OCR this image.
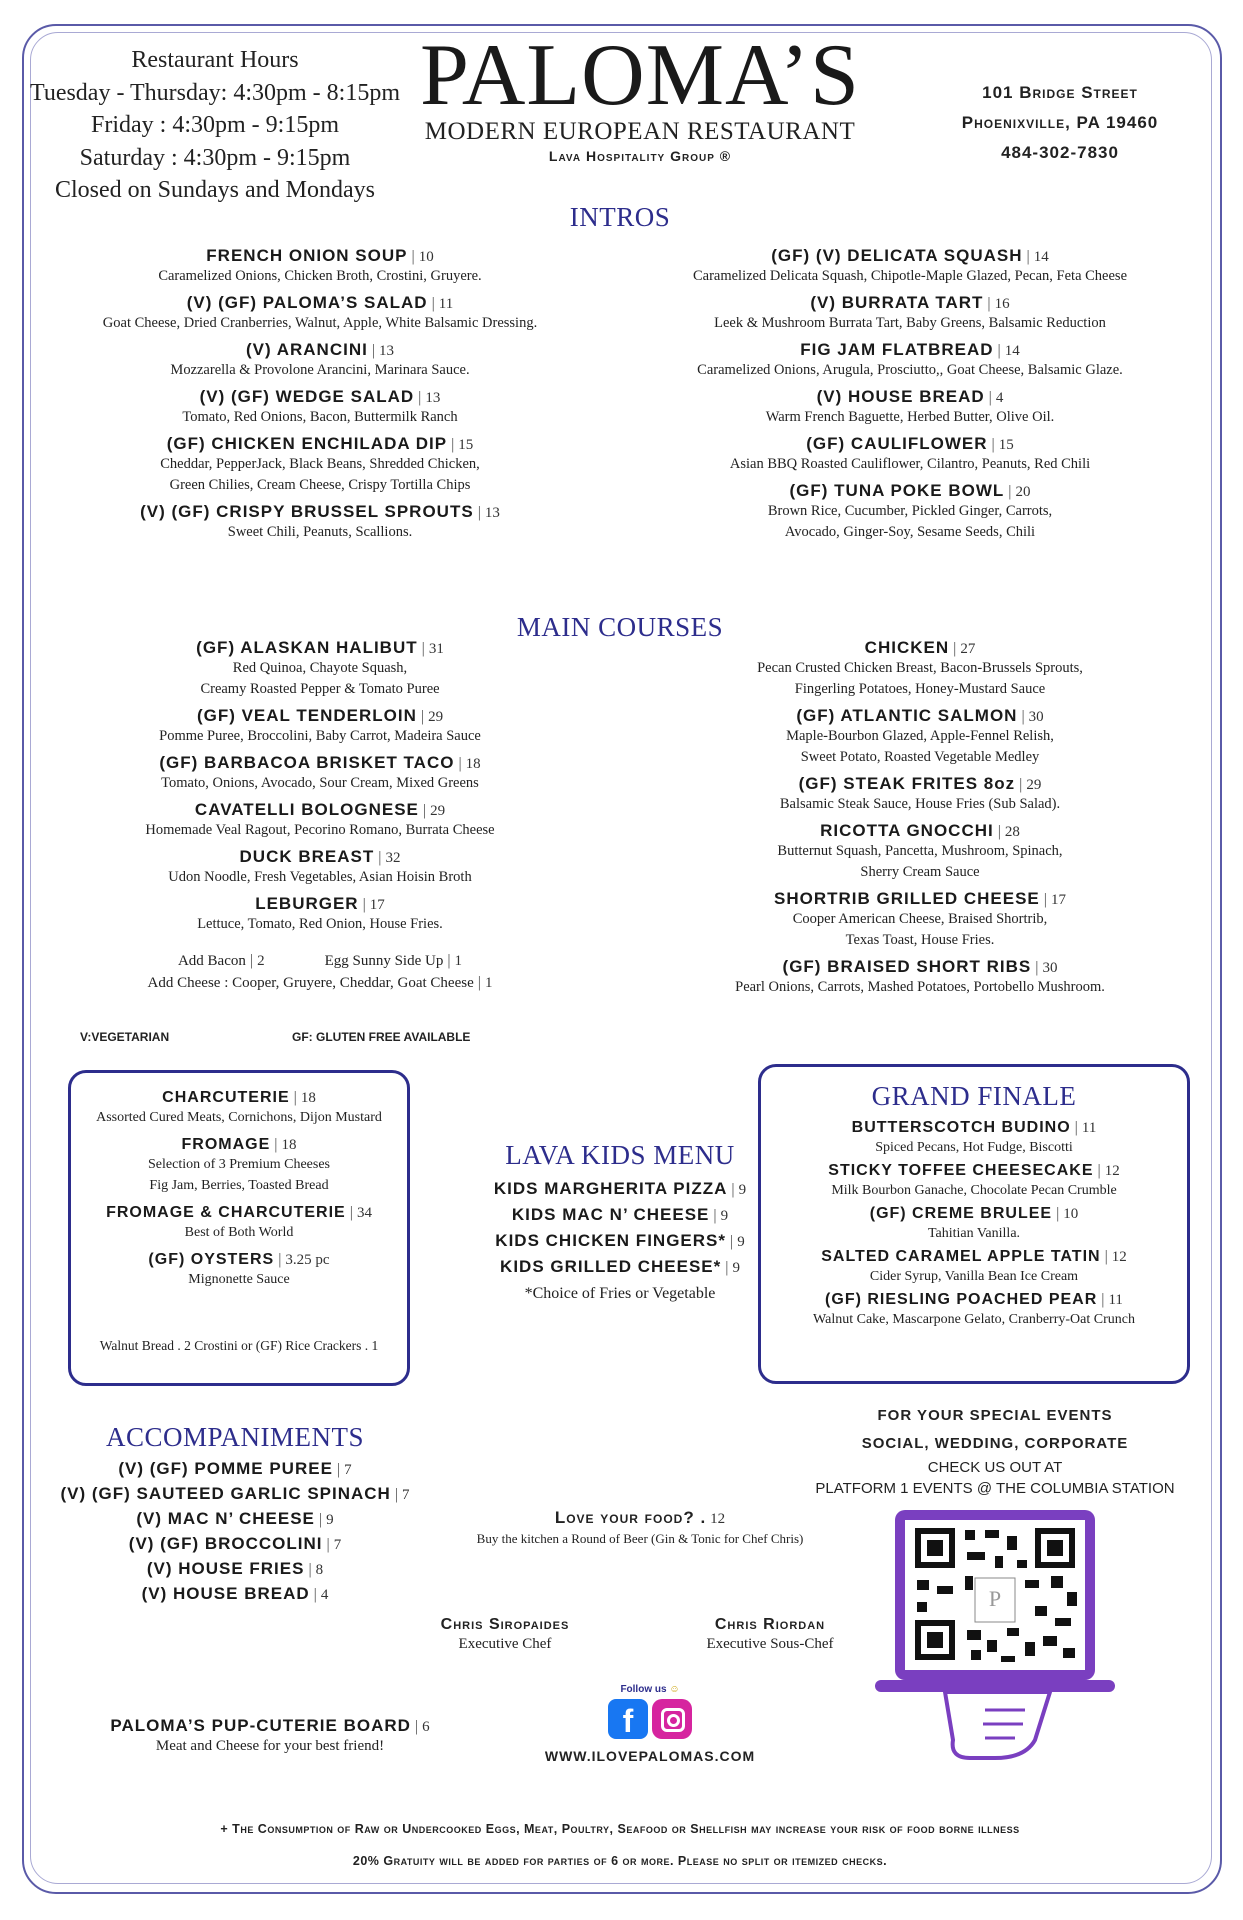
Restaurant Hours
Tuesday - Thursday: 4:30pm - 8:15pm
Friday : 4:30pm - 9:15pm
Saturday : 4:30pm - 9:15pm
Closed on Sundays and Mondays
PALOMA’S
MODERN EUROPEAN RESTAURANT
Lava Hospitality Group ®
101 Bridge Street
Phoenixville, PA 19460
484-302-7830
INTROS
FRENCH ONION SOUP | 10
Caramelized Onions, Chicken Broth, Crostini, Gruyere.
(V) (GF) PALOMA’S SALAD | 11
Goat Cheese, Dried Cranberries, Walnut, Apple, White Balsamic Dressing.
(V) ARANCINI | 13
Mozzarella & Provolone Arancini, Marinara Sauce.
(V) (GF) WEDGE SALAD | 13
Tomato, Red Onions, Bacon, Buttermilk Ranch
(GF) CHICKEN ENCHILADA DIP | 15
Cheddar, PepperJack, Black Beans, Shredded Chicken,
Green Chilies, Cream Cheese, Crispy Tortilla Chips
(V) (GF) CRISPY BRUSSEL SPROUTS | 13
Sweet Chili, Peanuts, Scallions.
(GF) (V) DELICATA SQUASH | 14
Caramelized Delicata Squash, Chipotle-Maple Glazed, Pecan, Feta Cheese
(V) BURRATA TART | 16
Leek & Mushroom Burrata Tart, Baby Greens, Balsamic Reduction
FIG JAM FLATBREAD | 14
Caramelized Onions, Arugula, Prosciutto,, Goat Cheese, Balsamic Glaze.
(V) HOUSE BREAD | 4
Warm French Baguette, Herbed Butter, Olive Oil.
(GF) CAULIFLOWER | 15
Asian BBQ Roasted Cauliflower, Cilantro, Peanuts, Red Chili
(GF) TUNA POKE BOWL | 20
Brown Rice, Cucumber, Pickled Ginger, Carrots,
Avocado, Ginger-Soy, Sesame Seeds, Chili
MAIN COURSES
(GF) ALASKAN HALIBUT | 31
Red Quinoa, Chayote Squash,
Creamy Roasted Pepper & Tomato Puree
(GF) VEAL TENDERLOIN | 29
Pomme Puree, Broccolini, Baby Carrot, Madeira Sauce
(GF) BARBACOA BRISKET TACO | 18
Tomato, Onions, Avocado, Sour Cream, Mixed Greens
CAVATELLI BOLOGNESE | 29
Homemade Veal Ragout, Pecorino Romano, Burrata Cheese
DUCK BREAST | 32
Udon Noodle, Fresh Vegetables, Asian Hoisin Broth
LEBURGER | 17
Lettuce, Tomato, Red Onion, House Fries.
Add Bacon | 2	Egg Sunny Side Up | 1
Add Cheese : Cooper, Gruyere, Cheddar, Goat Cheese | 1
V:VEGETARIAN	GF: GLUTEN FREE AVAILABLE
CHICKEN | 27
Pecan Crusted Chicken Breast, Bacon-Brussels Sprouts,
Fingerling Potatoes, Honey-Mustard Sauce
(GF) ATLANTIC SALMON | 30
Maple-Bourbon Glazed, Apple-Fennel Relish,
Sweet Potato, Roasted Vegetable Medley
(GF) STEAK FRITES 8oz | 29
Balsamic Steak Sauce, House Fries (Sub Salad).
RICOTTA GNOCCHI | 28
Butternut Squash, Pancetta, Mushroom, Spinach,
Sherry Cream Sauce
SHORTRIB GRILLED CHEESE | 17
Cooper American Cheese, Braised Shortrib,
Texas Toast, House Fries.
(GF) BRAISED SHORT RIBS | 30
Pearl Onions, Carrots, Mashed Potatoes, Portobello Mushroom.
CHARCUTERIE | 18
Assorted Cured Meats, Cornichons, Dijon Mustard
FROMAGE | 18
Selection of 3 Premium Cheeses
Fig Jam, Berries, Toasted Bread
FROMAGE & CHARCUTERIE | 34
Best of Both World
(GF) OYSTERS | 3.25 pc
Mignonette Sauce
Walnut Bread . 2 Crostini or (GF) Rice Crackers . 1
LAVA KIDS MENU
KIDS MARGHERITA PIZZA | 9
KIDS MAC N’ CHEESE | 9
KIDS CHICKEN FINGERS* | 9
KIDS GRILLED CHEESE* | 9
*Choice of Fries or Vegetable
GRAND FINALE
BUTTERSCOTCH BUDINO | 11
Spiced Pecans, Hot Fudge, Biscotti
STICKY TOFFEE CHEESECAKE | 12
Milk Bourbon Ganache, Chocolate Pecan Crumble
(GF) CREME BRULEE | 10
Tahitian Vanilla.
SALTED CARAMEL APPLE TATIN | 12
Cider Syrup, Vanilla Bean Ice Cream
(GF) RIESLING POACHED PEAR | 11
Walnut Cake, Mascarpone Gelato, Cranberry-Oat Crunch
ACCOMPANIMENTS
(V) (GF) POMME PUREE | 7
(V) (GF) SAUTEED GARLIC SPINACH | 7
(V) MAC N’ CHEESE | 9
(V) (GF) BROCCOLINI | 7
(V) HOUSE FRIES | 8
(V) HOUSE BREAD | 4
PALOMA’S PUP-CUTERIE BOARD | 6
Meat and Cheese for your best friend!
Love your food? . 12
Buy the kitchen a Round of Beer (Gin & Tonic for Chef Chris)
Chris Siropaides
Executive Chef
Chris Riordan
Executive Sous-Chef
Follow us ☺
f
WWW.ILOVEPALOMAS.COM
FOR YOUR SPECIAL EVENTS
SOCIAL, WEDDING, CORPORATE
CHECK US OUT AT
PLATFORM 1 EVENTS @ THE COLUMBIA STATION
P
+ The Consumption of Raw or Undercooked Eggs, Meat, Poultry, Seafood or Shellfish may increase your risk of food borne illness
20% Gratuity will be added for parties of 6 or more. Please no split or itemized checks.
